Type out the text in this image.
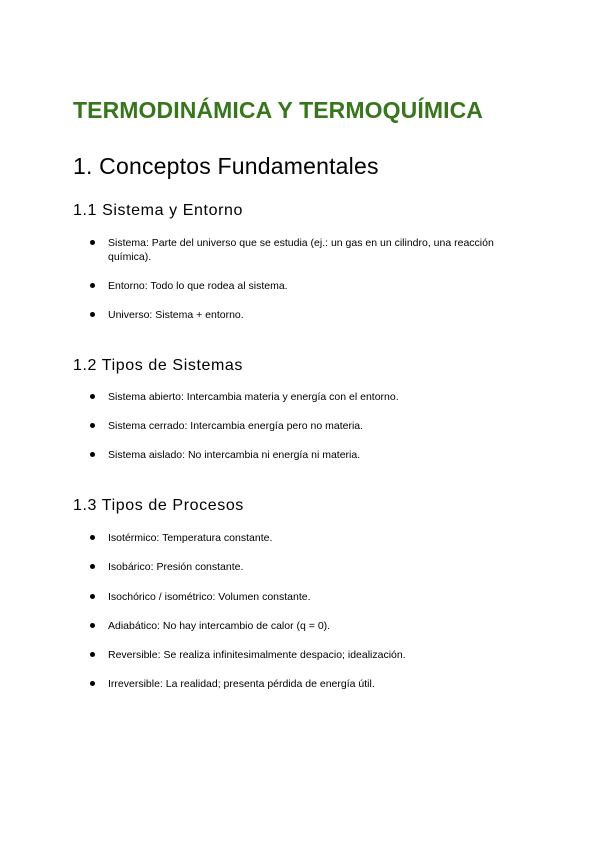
TERMODINÁMICA Y TERMOQUÍMICA
1. Conceptos Fundamentales
1.1 Sistema y Entorno
Sistema: Parte del universo que se estudia (ej.: un gas en un cilindro, una reacción química).
Entorno: Todo lo que rodea al sistema.
Universo: Sistema + entorno.
1.2 Tipos de Sistemas
Sistema abierto: Intercambia materia y energía con el entorno.
Sistema cerrado: Intercambia energía pero no materia.
Sistema aislado: No intercambia ni energía ni materia.
1.3 Tipos de Procesos
Isotérmico: Temperatura constante.
Isobárico: Presión constante.
Isochórico / isométrico: Volumen constante.
Adiabático: No hay intercambio de calor (q = 0).
Reversible: Se realiza infinitesimalmente despacio; idealización.
Irreversible: La realidad; presenta pérdida de energía útil.
